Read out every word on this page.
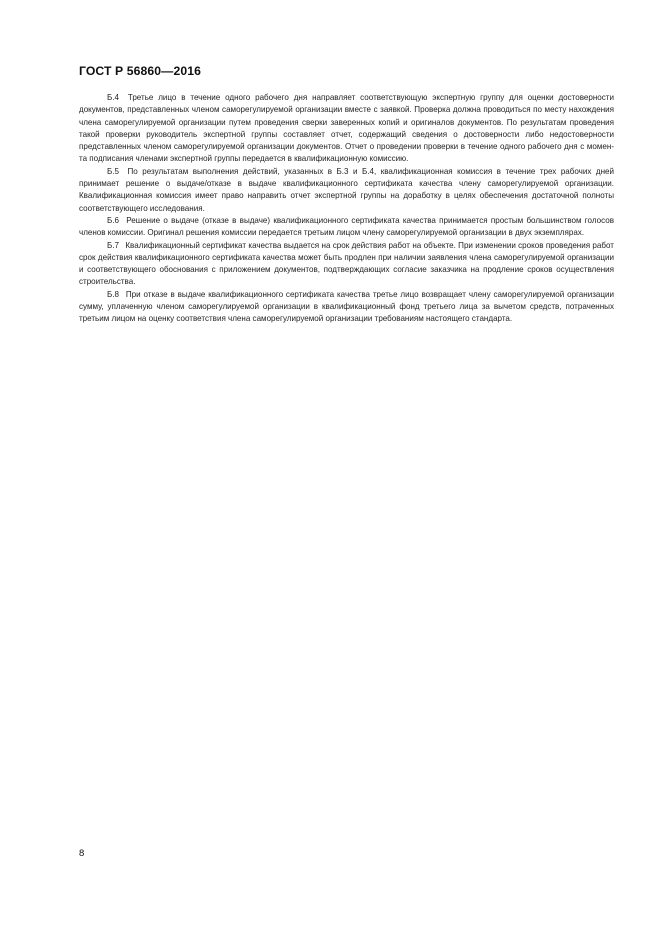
ГОСТ Р 56860—2016

Б.4 Третье лицо в течение одного рабочего дня направляет соответствующую экспертную группу для оценки достоверности документов, представленных членом саморегулируемой организации вместе с заявкой. Проверка должна проводиться по месту нахождения члена саморегулируемой организации путем проведения сверки заверенных копий и оригиналов документов. По результатам проведения такой проверки руководитель экспертной группы составляет отчет, содержащий сведения о достоверности либо недостоверности представленных членом саморегулируемой организации документов. Отчет о проведении проверки в течение одного рабочего дня с момента подписания членами экспертной группы передается в квалификационную комиссию.

Б.5 По результатам выполнения действий, указанных в Б.3 и Б.4, квалификационная комиссия в течение трех рабочих дней принимает решение о выдаче/отказе в выдаче квалификационного сертификата качества члену саморегулируемой организации. Квалификационная комиссия имеет право направить отчет экспертной группы на доработку в целях обеспечения достаточной полноты соответствующего исследования.

Б.6 Решение о выдаче (отказе в выдаче) квалификационного сертификата качества принимается простым большинством голосов членов комиссии. Оригинал решения комиссии передается третьим лицом члену саморегулируемой организации в двух экземплярах.

Б.7 Квалификационный сертификат качества выдается на срок действия работ на объекте. При изменении сроков проведения работ срок действия квалификационного сертификата качества может быть продлен при наличии заявления члена саморегулируемой организации и соответствующего обоснования с приложением документов, подтверждающих согласие заказчика на продление сроков осуществления строительства.

Б.8 При отказе в выдаче квалификационного сертификата качества третье лицо возвращает члену саморегулируемой организации сумму, уплаченную членом саморегулируемой организации в квалификационный фонд третьего лица за вычетом средств, потраченных третьим лицом на оценку соответствия члена саморегулируемой организации требованиям настоящего стандарта.

8
